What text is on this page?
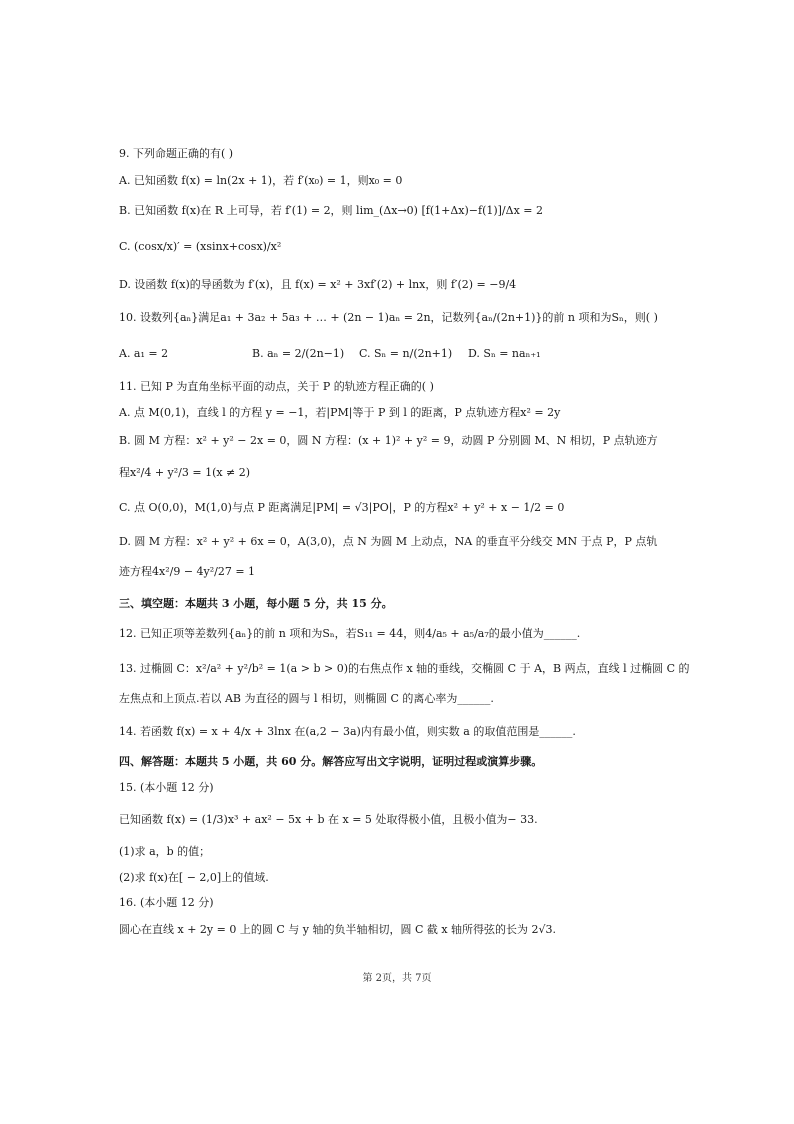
9. 下列命题正确的有( )
A. 已知函数 f(x) = ln(2x + 1)，若 f′(x₀) = 1，则x₀ = 0
B. 已知函数 f(x)在 R 上可导，若 f′(1) = 2，则 lim_(Δx→0) [f(1+Δx)−f(1)]/Δx = 2
C. (cosx/x)′ = (xsinx+cosx)/x²
D. 设函数 f(x)的导函数为 f′(x)，且 f(x) = x² + 3xf′(2) + lnx，则 f′(2) = −9/4
10. 设数列{aₙ}满足a₁ + 3a₂ + 5a₃ + … + (2n − 1)aₙ = 2n，记数列{aₙ/(2n+1)}的前 n 项和为Sₙ，则( )
A. a₁ = 2	B. aₙ = 2/(2n−1)	C. Sₙ = n/(2n+1)	D. Sₙ = naₙ₊₁
11. 已知 P 为直角坐标平面的动点，关于 P 的轨迹方程正确的( )
A. 点 M(0,1)，直线 l 的方程 y = −1，若|PM|等于 P 到 l 的距离，P 点轨迹方程x² = 2y
B. 圆 M 方程：x² + y² − 2x = 0，圆 N 方程：(x + 1)² + y² = 9，动圆 P 分别圆 M、N 相切，P 点轨迹方
程x²/4 + y²/3 = 1(x ≠ 2)
C. 点 O(0,0)，M(1,0)与点 P 距离满足|PM| = √3|PO|，P 的方程x² + y² + x − 1/2 = 0
D. 圆 M 方程：x² + y² + 6x = 0，A(3,0)，点 N 为圆 M 上动点，NA 的垂直平分线交 MN 于点 P，P 点轨
迹方程4x²/9 − 4y²/27 = 1
三、填空题：本题共 3 小题，每小题 5 分，共 15 分。
12. 已知正项等差数列{aₙ}的前 n 项和为Sₙ，若S₁₁ = 44，则4/a₅ + a₅/a₇的最小值为______.
13. 过椭圆 C：x²/a² + y²/b² = 1(a > b > 0)的右焦点作 x 轴的垂线，交椭圆 C 于 A，B 两点，直线 l 过椭圆 C 的
左焦点和上顶点.若以 AB 为直径的圆与 l 相切，则椭圆 C 的离心率为______.
14. 若函数 f(x) = x + 4/x + 3lnx 在(a,2 − 3a)内有最小值，则实数 a 的取值范围是______.
四、解答题：本题共 5 小题，共 60 分。解答应写出文字说明，证明过程或演算步骤。
15. (本小题 12 分)
已知函数 f(x) = (1/3)x³ + ax² − 5x + b 在 x = 5 处取得极小值，且极小值为− 33.
(1)求 a，b 的值；
(2)求 f(x)在[ − 2,0]上的值域.
16. (本小题 12 分)
圆心在直线 x + 2y = 0 上的圆 C 与 y 轴的负半轴相切，圆 C 截 x 轴所得弦的长为 2√3.
第 2页，共 7页
